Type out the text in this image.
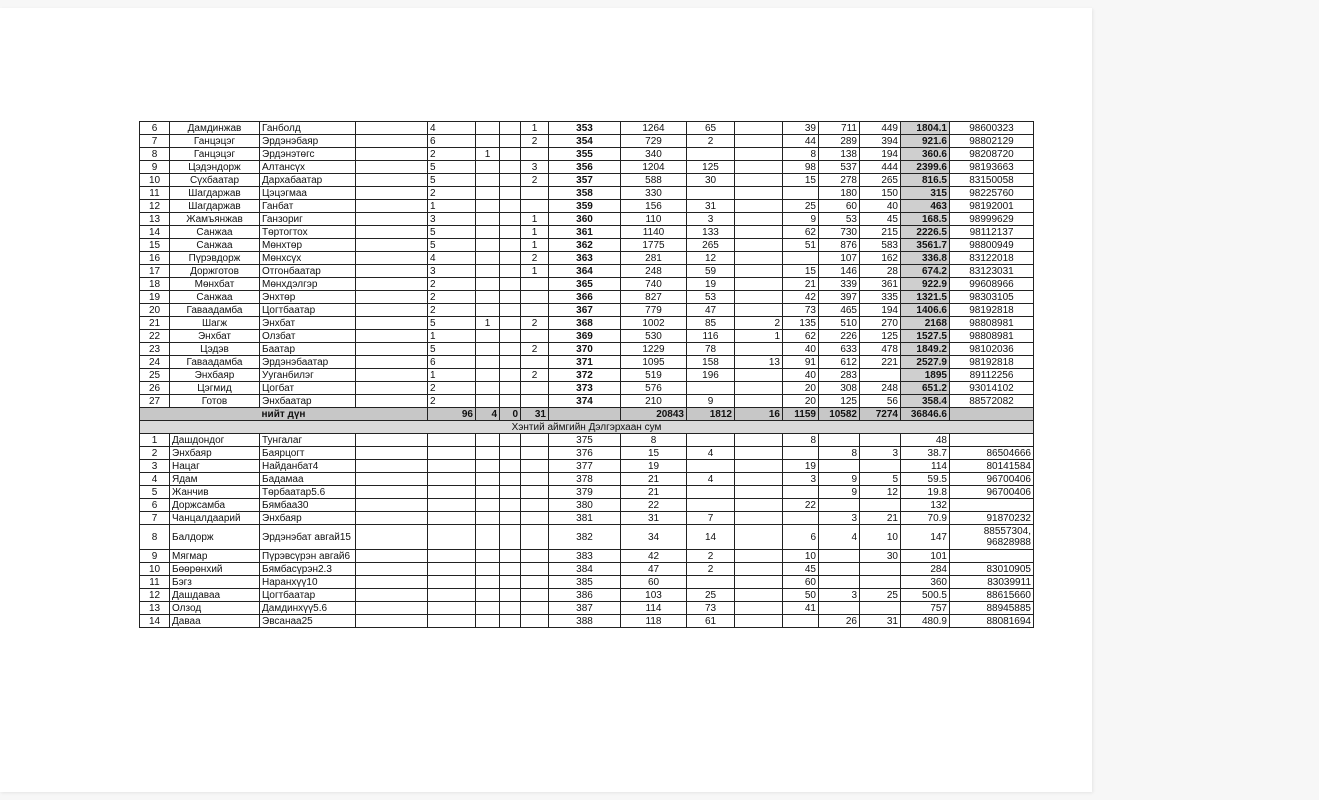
6	Дамдинжав	Ганболд		4			1	353	1264	65		39	711	449	1804.1	98600323
7	Ганцэцэг	Эрдэнэбаяр		6			2	354	729	2		44	289	394	921.6	98802129
8	Ганцэцэг	Эрдэнэтөгс		2	1			355	340			8	138	194	360.6	98208720
9	Цэдэндорж	Алтансүх		5			3	356	1204	125		98	537	444	2399.6	98193663
10	Сүхбаатар	Дархабаатар		5			2	357	588	30		15	278	265	816.5	83150058
11	Шагдаржав	Цэцэгмаа		2				358	330				180	150	315	98225760
12	Шагдаржав	Ганбат		1				359	156	31		25	60	40	463	98192001
13	Жамъянжав	Ганзориг		3			1	360	110	3		9	53	45	168.5	98999629
14	Санжаа	Төртогтох		5			1	361	1140	133		62	730	215	2226.5	98112137
15	Санжаа	Мөнхтөр		5			1	362	1775	265		51	876	583	3561.7	98800949
16	Пүрэвдорж	Мөнхсүх		4			2	363	281	12			107	162	336.8	83122018
17	Доржготов	Отгонбаатар		3			1	364	248	59		15	146	28	674.2	83123031
18	Мөнхбат	Мөнхдэлгэр		2				365	740	19		21	339	361	922.9	99608966
19	Санжаа	Энхтөр		2				366	827	53		42	397	335	1321.5	98303105
20	Гаваадамба	Цогтбаатар		2				367	779	47		73	465	194	1406.6	98192818
21	Шагж	Энхбат		5	1		2	368	1002	85	2	135	510	270	2168	98808981
22	Энхбат	Олзбат		1				369	530	116	1	62	226	125	1527.5	98808981
23	Цэдэв	Баатар		5			2	370	1229	78		40	633	478	1849.2	98102036
24	Гаваадамба	Эрдэнэбаатар		6				371	1095	158	13	91	612	221	2527.9	98192818
25	Энхбаяр	Ууганбилэг		1			2	372	519	196		40	283		1895	89112256
26	Цэгмид	Цогбат		2				373	576			20	308	248	651.2	93014102
27	Готов	Энхбаатар		2				374	210	9		20	125	56	358.4	88572082
нийт дүн				96	4	0	31		20843	1812	16	1159	10582	7274	36846.6	
Хэнтий аймгийн Дэлгэрхаан сум																
1	Дашдондог	Тунгалаг						375	8			8			48	
2	Энхбаяр	Баярцогт						376	15	4			8	3	38.7	86504666
3	Нацаг	Найданбат4						377	19			19			114	80141584
4	Ядам	Бадамаа						378	21	4		3	9	5	59.5	96700406
5	Жанчив	Төрбаатар5.6						379	21				9	12	19.8	96700406
6	Доржсамба	Бямбаа30						380	22			22			132	
7	Чанцалдаарий	Энхбаяр						381	31	7			3	21	70.9	91870232
8	Балдорж	Эрдэнэбат авгай15						382	34	14		6	4	10	147	88557304, 96828988
9	Мягмар	Пүрэвсүрэн авгай6						383	42	2		10		30	101	
10	Бөөрөнхий	Бямбасүрэн2.3						384	47	2		45			284	83010905
11	Бэгз	Наранхүү10						385	60			60			360	83039911
12	Дашдаваа	Цогтбаатар						386	103	25		50	3	25	500.5	88615660
13	Олзод	Дамдинхүү5.6						387	114	73		41			757	88945885
14	Даваа	Эвсанаа25						388	118	61			26	31	480.9	88081694
